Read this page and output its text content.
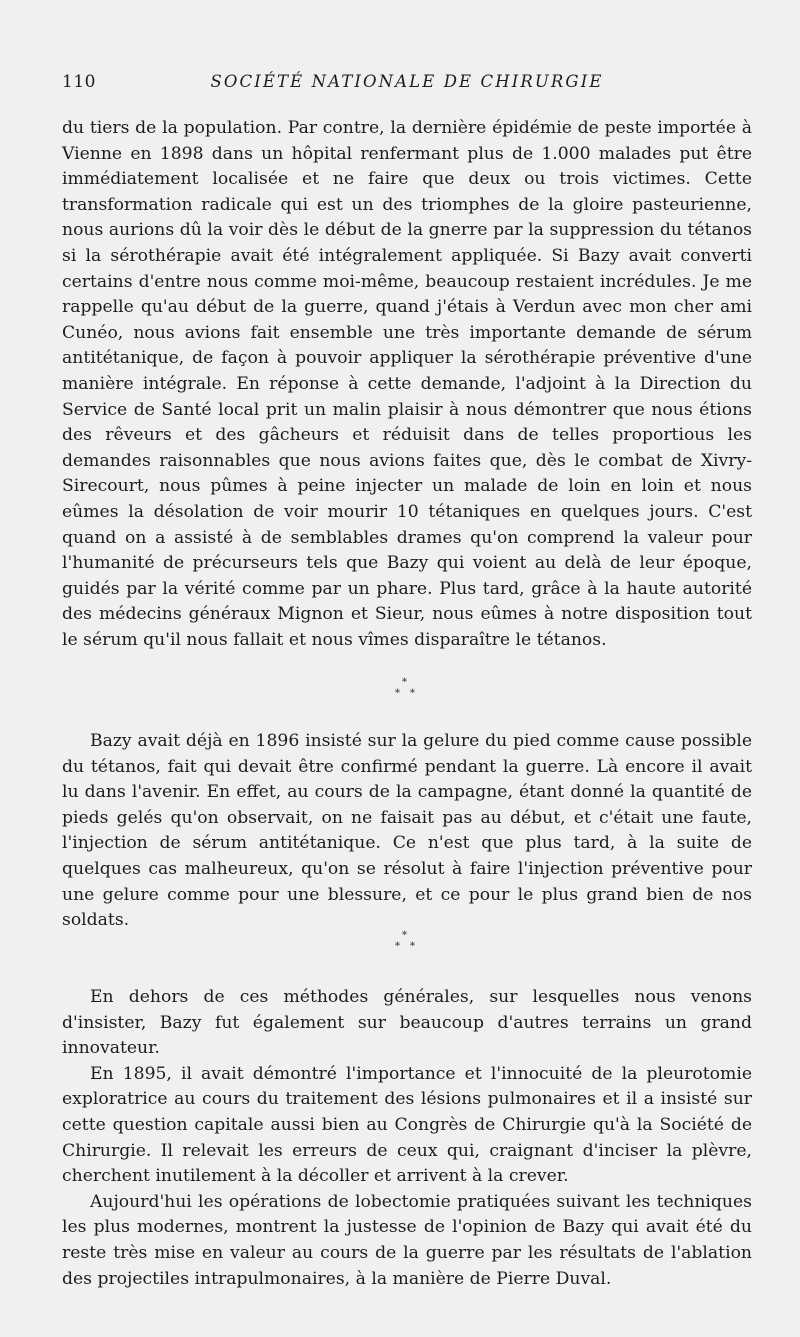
110	SOCIÉTÉ NATIONALE DE CHIRURGIE

du tiers de la population. Par contre, la dernière épidémie de peste importée à Vienne en 1898 dans un hôpital renfermant plus de 1.000 malades put être immédiatement localisée et ne faire que deux ou trois victimes. Cette transformation radicale qui est un des triomphes de la gloire pasteurienne, nous aurions dû la voir dès le début de la gnerre par la suppression du tétanos si la sérothérapie avait été intégralement appliquée. Si Bazy avait converti certains d'entre nous comme moi-même, beaucoup restaient incrédules. Je me rappelle qu'au début de la guerre, quand j'étais à Verdun avec mon cher ami Cunéo, nous avions fait ensemble une très importante demande de sérum antitétanique, de façon à pouvoir appliquer la sérothérapie préventive d'une manière intégrale. En réponse à cette demande, l'adjoint à la Direction du Service de Santé local prit un malin plaisir à nous démontrer que nous étions des rêveurs et des gâcheurs et réduisit dans de telles proportious les demandes raisonnables que nous avions faites que, dès le combat de Xivry-Sirecourt, nous pûmes à peine injecter un malade de loin en loin et nous eûmes la désolation de voir mourir 10 tétaniques en quelques jours. C'est quand on a assisté à de semblables drames qu'on comprend la valeur pour l'humanité de précurseurs tels que Bazy qui voient au delà de leur époque, guidés par la vérité comme par un phare. Plus tard, grâce à la haute autorité des médecins généraux Mignon et Sieur, nous eûmes à notre disposition tout le sérum qu'il nous fallait et nous vîmes disparaître le tétanos.

*
* *

Bazy avait déjà en 1896 insisté sur la gelure du pied comme cause possible du tétanos, fait qui devait être confirmé pendant la guerre. Là encore il avait lu dans l'avenir. En effet, au cours de la campagne, étant donné la quantité de pieds gelés qu'on observait, on ne faisait pas au début, et c'était une faute, l'injection de sérum antitétanique. Ce n'est que plus tard, à la suite de quelques cas malheureux, qu'on se résolut à faire l'injection préventive pour une gelure comme pour une blessure, et ce pour le plus grand bien de nos soldats.

*
* *

En dehors de ces méthodes générales, sur lesquelles nous venons d'insister, Bazy fut également sur beaucoup d'autres terrains un grand innovateur.

En 1895, il avait démontré l'importance et l'innocuité de la pleurotomie exploratrice au cours du traitement des lésions pulmonaires et il a insisté sur cette question capitale aussi bien au Congrès de Chirurgie qu'à la Société de Chirurgie. Il relevait les erreurs de ceux qui, craignant d'inciser la plèvre, cherchent inutilement à la décoller et arrivent à la crever.

Aujourd'hui les opérations de lobectomie pratiquées suivant les techniques les plus modernes, montrent la justesse de l'opinion de Bazy qui avait été du reste très mise en valeur au cours de la guerre par les résultats de l'ablation des projectiles intrapulmonaires, à la manière de Pierre Duval.
